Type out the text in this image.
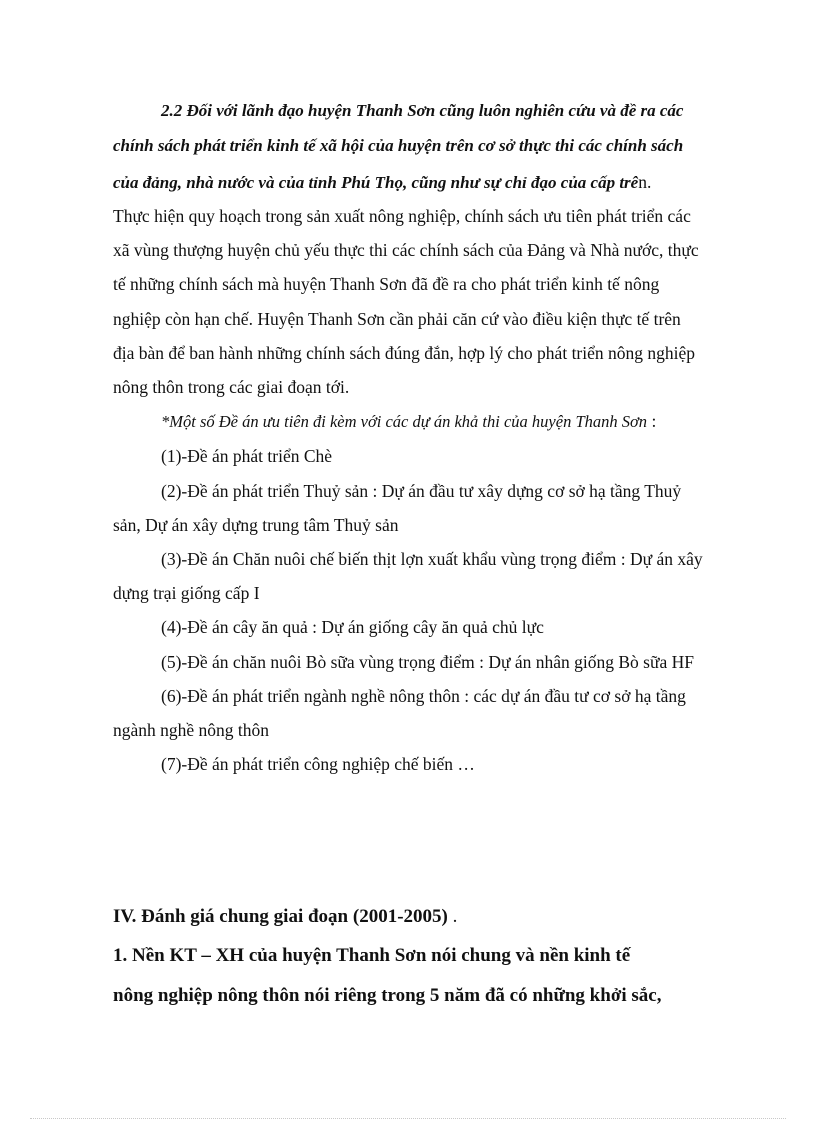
2.2 Đối với lãnh đạo huyện Thanh Sơn cũng luôn nghiên cứu và đề ra các
chính sách phát triển kinh tế xã hội của huyện trên cơ sở thực thi các chính sách
của đảng, nhà nước và của tỉnh Phú Thọ, cũng như sự chỉ đạo của cấp trên.
Thực hiện quy hoạch trong sản xuất nông nghiệp, chính sách ưu tiên phát triển các
xã vùng thượng huyện chủ yếu thực thi các chính sách của Đảng và Nhà nước, thực
tế những chính sách mà huyện Thanh Sơn đã đề ra cho phát triển kinh tế nông
nghiệp còn hạn chế. Huyện Thanh Sơn cần phải căn cứ vào điều kiện thực tế trên
địa bàn để ban hành những chính sách đúng đắn, hợp lý cho phát triển nông nghiệp
nông thôn trong các giai đoạn tới.
*Một số Đề án ưu tiên đi kèm với các dự án khả thi của huyện Thanh Sơn :
(1)-Đề án phát triển Chè
(2)-Đề án phát triển Thuỷ sản : Dự án đầu tư xây dựng cơ sở hạ tầng Thuỷ
sản, Dự án xây dựng trung tâm Thuỷ sản
(3)-Đề án Chăn nuôi chế biến thịt lợn xuất khẩu vùng trọng điểm : Dự án xây
dựng trại giống cấp I
(4)-Đề án cây ăn quả : Dự án giống cây ăn quả chủ lực
(5)-Đề án chăn nuôi Bò sữa vùng trọng điểm : Dự án nhân giống Bò sữa HF
(6)-Đề án phát triển ngành nghề nông thôn : các dự án đầu tư cơ sở hạ tầng
ngành nghề nông thôn
(7)-Đề án phát triển công nghiệp chế biến …
IV. Đánh giá chung giai đoạn (2001-2005) .
1. Nền KT – XH của huyện Thanh Sơn nói chung và nền kinh tế
nông nghiệp nông thôn nói riêng trong 5 năm đã có những khởi sắc,
